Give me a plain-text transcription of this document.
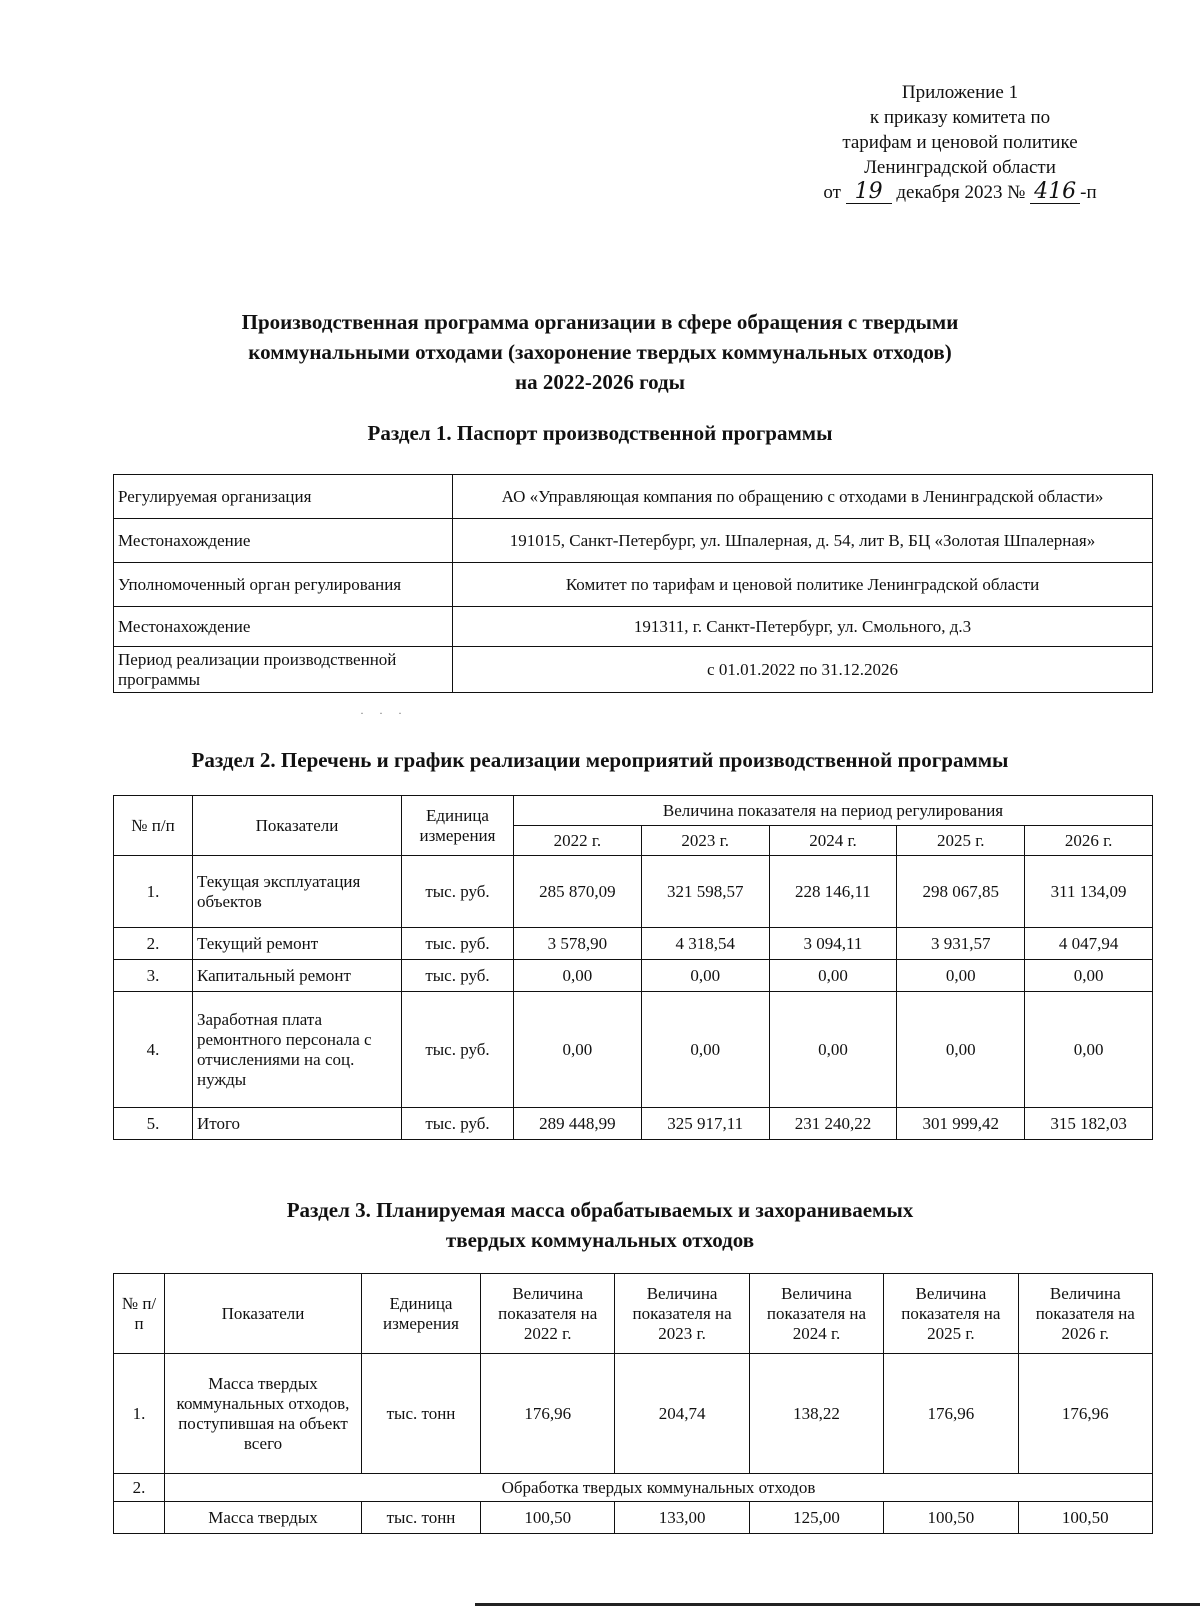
Приложение 1
к приказу комитета по
тарифам и ценовой политике
Ленинградской области
от 19 декабря 2023 № 416 -п
Производственная программа организации в сфере обращения с твердыми
коммунальными отходами (захоронение твердых коммунальных отходов)
на 2022-2026 годы
Раздел 1. Паспорт производственной программы
Регулируемая организация	АО «Управляющая компания по обращению с отходами в Ленинградской области»
Местонахождение	191015, Санкт-Петербург, ул. Шпалерная, д. 54, лит В, БЦ «Золотая Шпалерная»
Уполномоченный орган регулирования	Комитет по тарифам и ценовой политике Ленинградской области
Местонахождение	191311, г. Санкт-Петербург, ул. Смольного, д.3
Период реализации производственной программы	с 01.01.2022 по 31.12.2026
· · ·
Раздел 2. Перечень и график реализации мероприятий производственной программы
№ п/п	Показатели	Единица измерения	Величина показателя на период регулирования				
			2022 г.	2023 г.	2024 г.	2025 г.	2026 г.
1.	Текущая эксплуатация объектов	тыс. руб.	285 870,09	321 598,57	228 146,11	298 067,85	311 134,09
2.	Текущий ремонт	тыс. руб.	3 578,90	4 318,54	3 094,11	3 931,57	4 047,94
3.	Капитальный ремонт	тыс. руб.	0,00	0,00	0,00	0,00	0,00
4.	Заработная плата ремонтного персонала с отчислениями на соц. нужды	тыс. руб.	0,00	0,00	0,00	0,00	0,00
5.	Итого	тыс. руб.	289 448,99	325 917,11	231 240,22	301 999,42	315 182,03
Раздел 3. Планируемая масса обрабатываемых и захораниваемых
твердых коммунальных отходов
№ п/п	Показатели	Единица измерения	Величина показателя на 2022 г.	Величина показателя на 2023 г.	Величина показателя на 2024 г.	Величина показателя на 2025 г.	Величина показателя на 2026 г.
1.	Масса твердых коммунальных отходов, поступившая на объект всего	тыс. тонн	176,96	204,74	138,22	176,96	176,96
2.	Обработка твердых коммунальных отходов						
	Масса твердых	тыс. тонн	100,50	133,00	125,00	100,50	100,50
